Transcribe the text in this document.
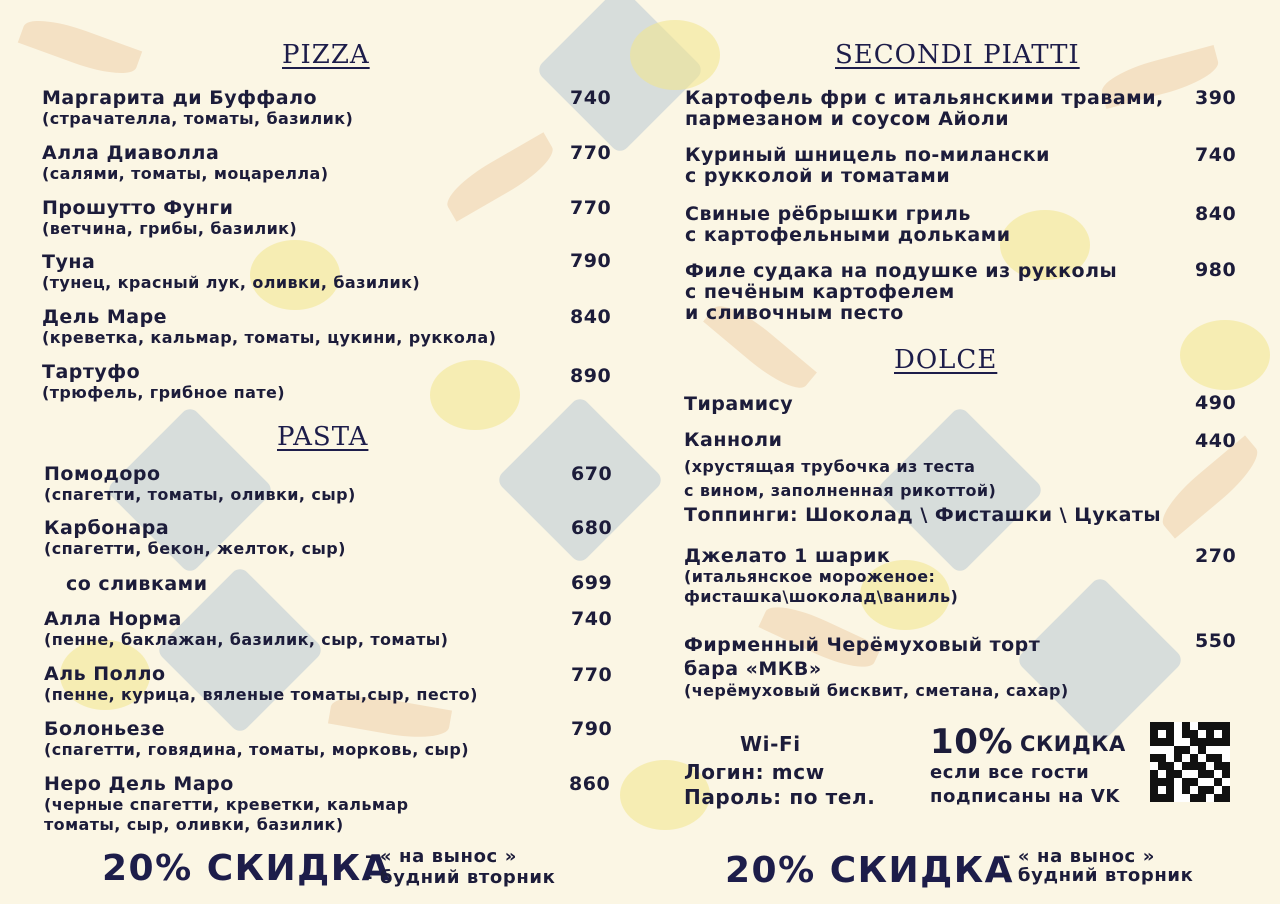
PIZZA
Маргарита ди Буффало
(страчателла, томаты, базилик)
740
Алла Диаволла
(салями, томаты, моцарелла)
770
Прошутто Фунги
(ветчина, грибы, базилик)
770
Туна
(тунец, красный лук, оливки, базилик)
790
Дель Маре
(креветка, кальмар, томаты, цукини, руккола)
840
Тартуфо
(трюфель, грибное пате)
890
PASTA
Помодоро
(спагетти, томаты, оливки, сыр)
670
Карбонара
(спагетти, бекон, желток, сыр)
680
со сливками	699
Алла Норма
(пенне, баклажан, базилик, сыр, томаты)
740
Аль Полло
(пенне, курица, вяленые томаты,сыр, песто)
770
Болоньезе
(спагетти, говядина, томаты, морковь, сыр)
790
Неро Дель Маро
(черные спагетти, креветки, кальмар
томаты, сыр, оливки, базилик)
860
20% СКИДКА
- « на вынос »
- будний вторник
SECONDI PIATTI
Картофель фри с итальянскими травами,
пармезаном и соусом Айоли
390
Куриный шницель по-милански
с рукколой и томатами
740
Свиные рёбрышки гриль
с картофельными дольками
840
Филе судака на подушке из рукколы
с печёным картофелем
и сливочным песто
980
DOLCE
Тирамису	490
Канноли
(хрустящая трубочка из теста
с вином, заполненная рикоттой)
Топпинги: Шоколад \ Фисташки \ Цукаты
440
Джелато 1 шарик
(итальянское мороженое:
фисташка\шоколад\ваниль)
270
Фирменный Черёмуховый торт
бара «МКВ»
(черёмуховый бисквит, сметана, сахар)
550
Wi-Fi
Логин: mcw
Пароль: по тел.
10% СКИДКА
если все гости
подписаны на VK
20% СКИДКА
- « на вынос »
- будний вторник
